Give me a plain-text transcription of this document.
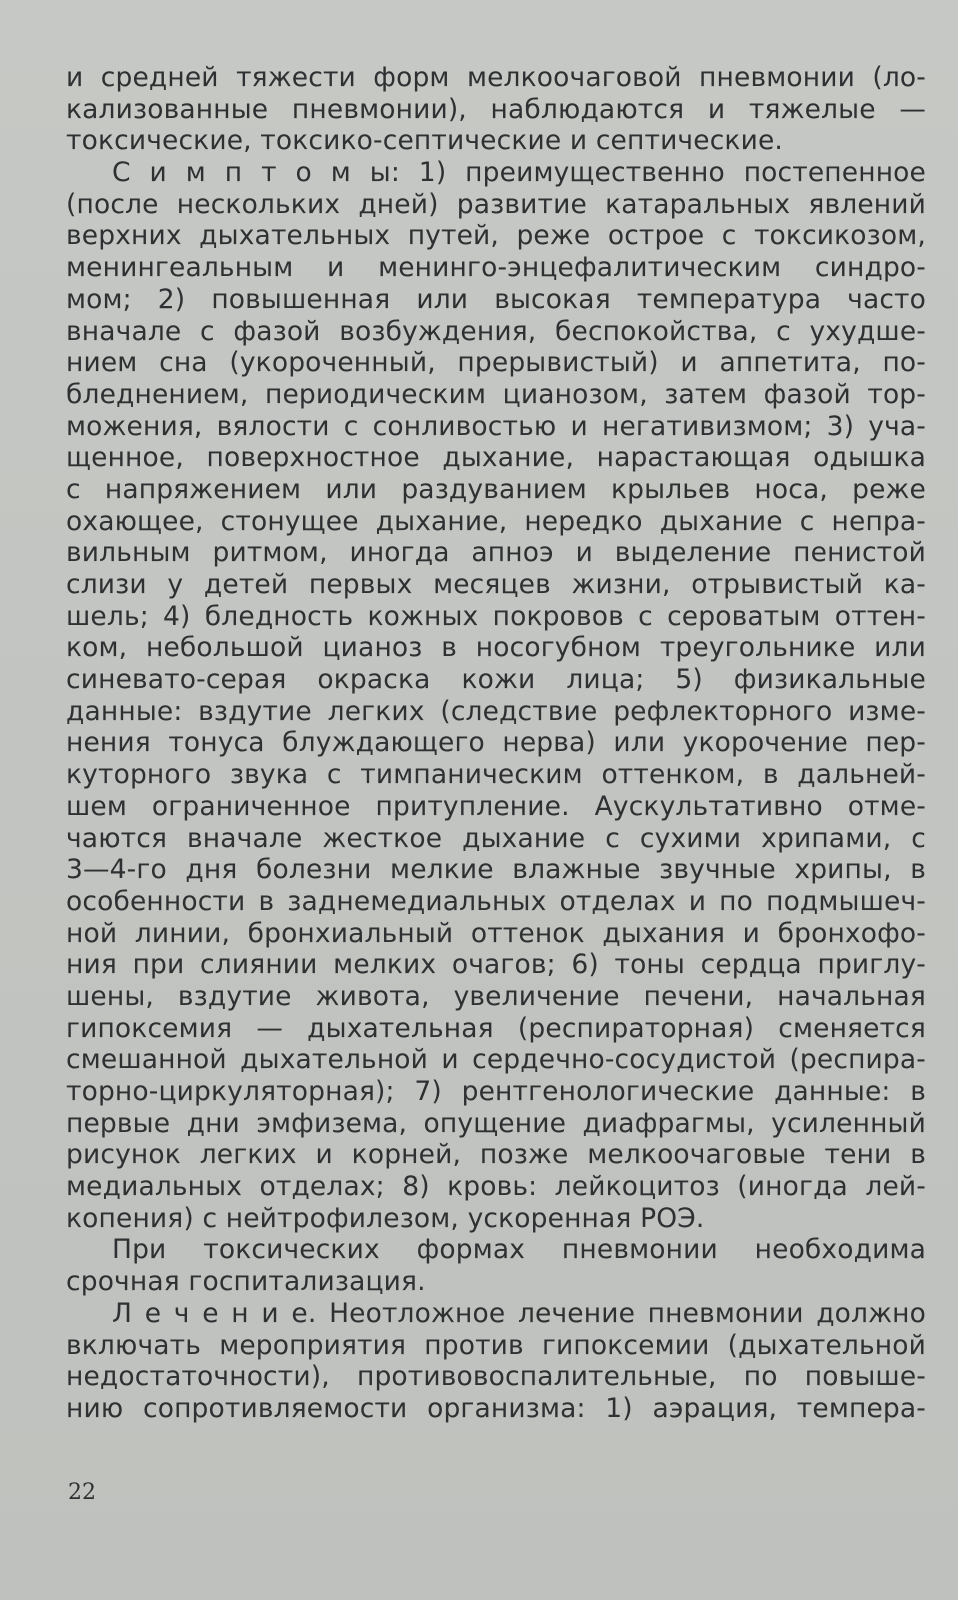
и средней тяжести форм мелкоочаговой пневмонии (ло-
кализованные пневмонии), наблюдаются и тяжелые —
токсические, токсико-септические и септические.
С и м п т о м ы: 1) преимущественно постепенное
(после нескольких дней) развитие катаральных явлений
верхних дыхательных путей, реже острое с токсикозом,
менингеальным и менинго-энцефалитическим синдро-
мом; 2) повышенная или высокая температура часто
вначале с фазой возбуждения, беспокойства, с ухудше-
нием сна (укороченный, прерывистый) и аппетита, по-
бледнением, периодическим цианозом, затем фазой тор-
можения, вялости с сонливостью и негативизмом; 3) уча-
щенное, поверхностное дыхание, нарастающая одышка
с напряжением или раздуванием крыльев носа, реже
охающее, стонущее дыхание, нередко дыхание с непра-
вильным ритмом, иногда апноэ и выделение пенистой
слизи у детей первых месяцев жизни, отрывистый ка-
шель; 4) бледность кожных покровов с сероватым оттен-
ком, небольшой цианоз в носогубном треугольнике или
синевато-серая окраска кожи лица; 5) физикальные
данные: вздутие легких (следствие рефлекторного изме-
нения тонуса блуждающего нерва) или укорочение пер-
куторного звука с тимпаническим оттенком, в дальней-
шем ограниченное притупление. Аускультативно отме-
чаются вначале жесткое дыхание с сухими хрипами, с
3—4-го дня болезни мелкие влажные звучные хрипы, в
особенности в заднемедиальных отделах и по подмышеч-
ной линии, бронхиальный оттенок дыхания и бронхофо-
ния при слиянии мелких очагов; 6) тоны сердца приглу-
шены, вздутие живота, увеличение печени, начальная
гипоксемия — дыхательная (респираторная) сменяется
смешанной дыхательной и сердечно-сосудистой (респира-
торно-циркуляторная); 7) рентгенологические данные: в
первые дни эмфизема, опущение диафрагмы, усиленный
рисунок легких и корней, позже мелкоочаговые тени в
медиальных отделах; 8) кровь: лейкоцитоз (иногда лей-
копения) с нейтрофилезом, ускоренная РОЭ.
При токсических формах пневмонии необходима
срочная госпитализация.
Л е ч е н и е. Неотложное лечение пневмонии должно
включать мероприятия против гипоксемии (дыхательной
недостаточности), противовоспалительные, по повыше-
нию сопротивляемости организма: 1) аэрация, темпера-
22
